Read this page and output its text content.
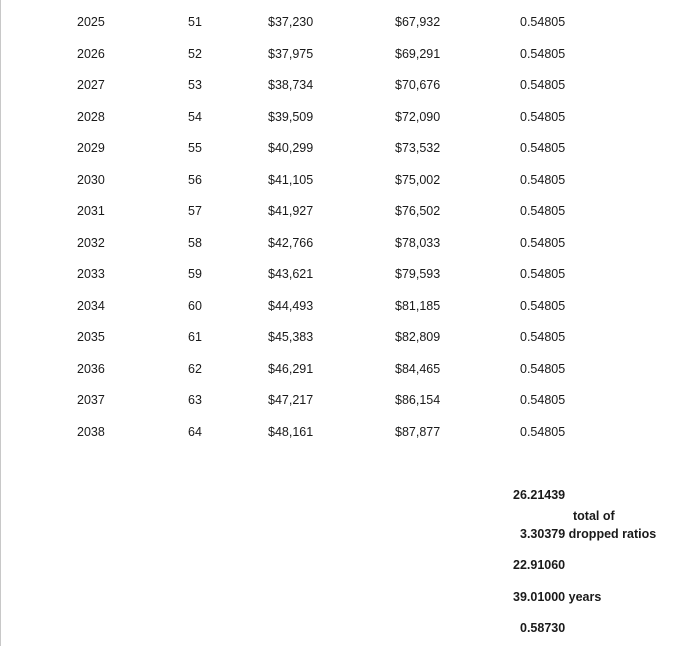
2025	51	$37,230	$67,932	0.54805
2026	52	$37,975	$69,291	0.54805
2027	53	$38,734	$70,676	0.54805
2028	54	$39,509	$72,090	0.54805
2029	55	$40,299	$73,532	0.54805
2030	56	$41,105	$75,002	0.54805
2031	57	$41,927	$76,502	0.54805
2032	58	$42,766	$78,033	0.54805
2033	59	$43,621	$79,593	0.54805
2034	60	$44,493	$81,185	0.54805
2035	61	$45,383	$82,809	0.54805
2036	62	$46,291	$84,465	0.54805
2037	63	$47,217	$86,154	0.54805
2038	64	$48,161	$87,877	0.54805
26.21439
total of
3.30379 dropped ratios
22.91060
39.01000 years
0.58730
